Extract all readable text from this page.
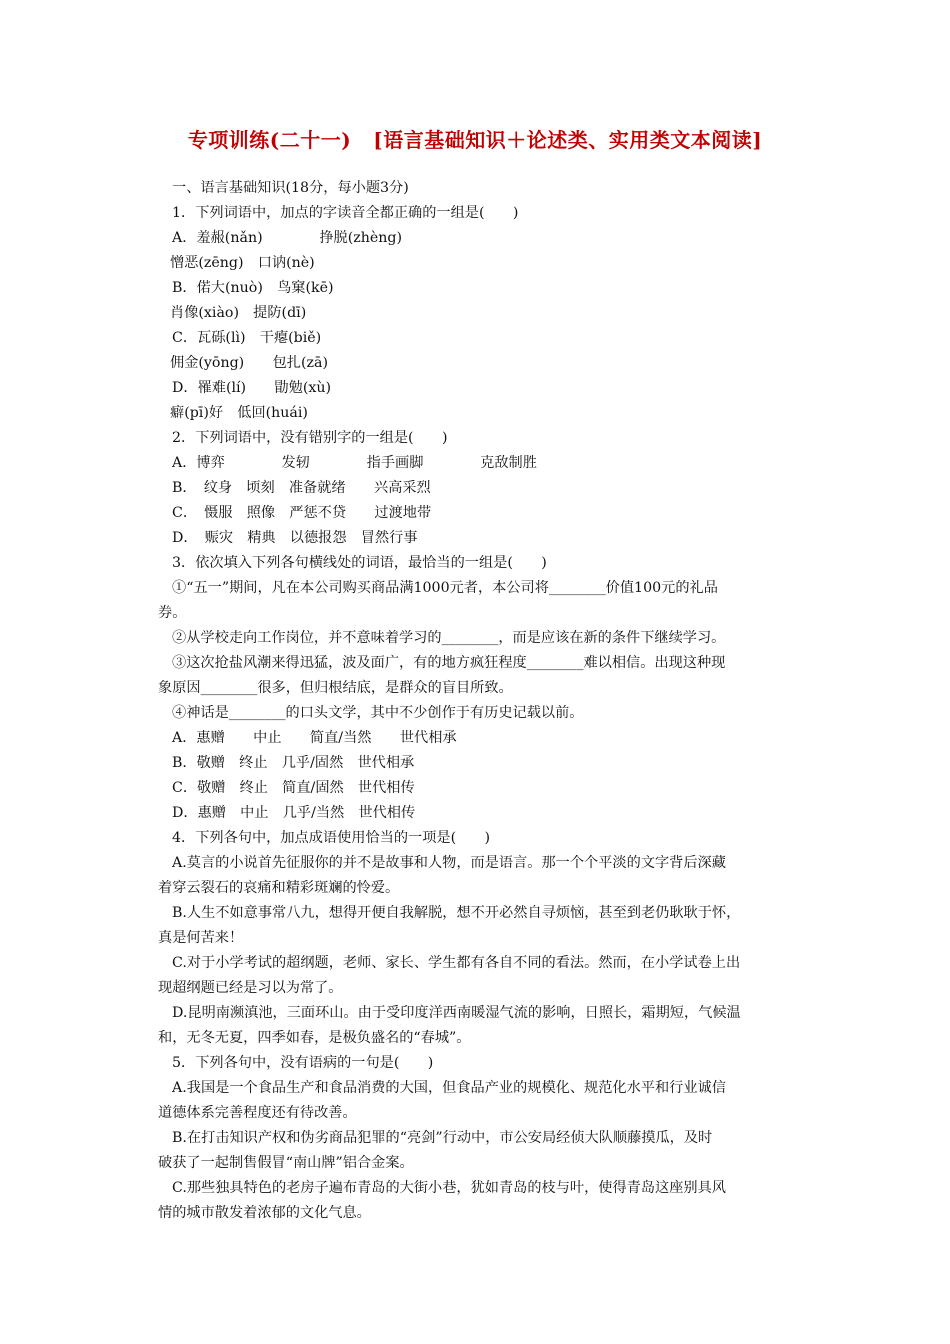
专项训练(二十一) [语言基础知识＋论述类、实用类文本阅读]
一、语言基础知识(18分，每小题3分)
1．下列词语中，加点的字读音全都正确的一组是(　　)
A．羞赧(nǎn)　　　　挣脱(zhèng)
憎恶(zēng)　口讷(nè)
B．偌大(nuò)　鸟窠(kē)
肖像(xiào)　提防(dī)
C．瓦砾(lì)　干瘪(biě)
佣金(yōng)　　包扎(zā)
D．罹难(lí)　　勖勉(xù)
癖(pī)好　低回(huái)
2．下列词语中，没有错别字的一组是(　　)
A．博弈　　　　发轫　　　　指手画脚　　　　克敌制胜
B．　纹身　顷刻　准备就绪　　兴高采烈
C．　慑服　照像　严惩不贷　　过渡地带
D．　赈灾　精典　以德报怨　冒然行事
3．依次填入下列各句横线处的词语，最恰当的一组是(　　)
①“五一”期间，凡在本公司购买商品满1000元者，本公司将________价值100元的礼品
券。
②从学校走向工作岗位，并不意味着学习的________，而是应该在新的条件下继续学习。
③这次抢盐风潮来得迅猛，波及面广，有的地方疯狂程度________难以相信。出现这种现
象原因________很多，但归根结底，是群众的盲目所致。
④神话是________的口头文学，其中不少创作于有历史记载以前。
A．惠赠　　中止　　简直/当然　　世代相承
B．敬赠　终止　几乎/固然　世代相承
C．敬赠　终止　简直/固然　世代相传
D．惠赠　中止　几乎/当然　世代相传
4．下列各句中，加点成语使用恰当的一项是(　　)
A.莫言的小说首先征服你的并不是故事和人物，而是语言。那一个个平淡的文字背后深藏
着穿云裂石的哀痛和精彩斑斓的怜爱。
B.人生不如意事常八九，想得开便自我解脱，想不开必然自寻烦恼，甚至到老仍耿耿于怀，
真是何苦来！
C.对于小学考试的超纲题，老师、家长、学生都有各自不同的看法。然而，在小学试卷上出
现超纲题已经是习以为常了。
D.昆明南濒滇池，三面环山。由于受印度洋西南暖湿气流的影响，日照长，霜期短，气候温
和，无冬无夏，四季如春，是极负盛名的“春城”。
5．下列各句中，没有语病的一句是(　　)
A.我国是一个食品生产和食品消费的大国，但食品产业的规模化、规范化水平和行业诚信
道德体系完善程度还有待改善。
B.在打击知识产权和伪劣商品犯罪的“亮剑”行动中，市公安局经侦大队顺藤摸瓜，及时
破获了一起制售假冒“南山牌”铝合金案。
C.那些独具特色的老房子遍布青岛的大街小巷，犹如青岛的枝与叶，使得青岛这座别具风
情的城市散发着浓郁的文化气息。
